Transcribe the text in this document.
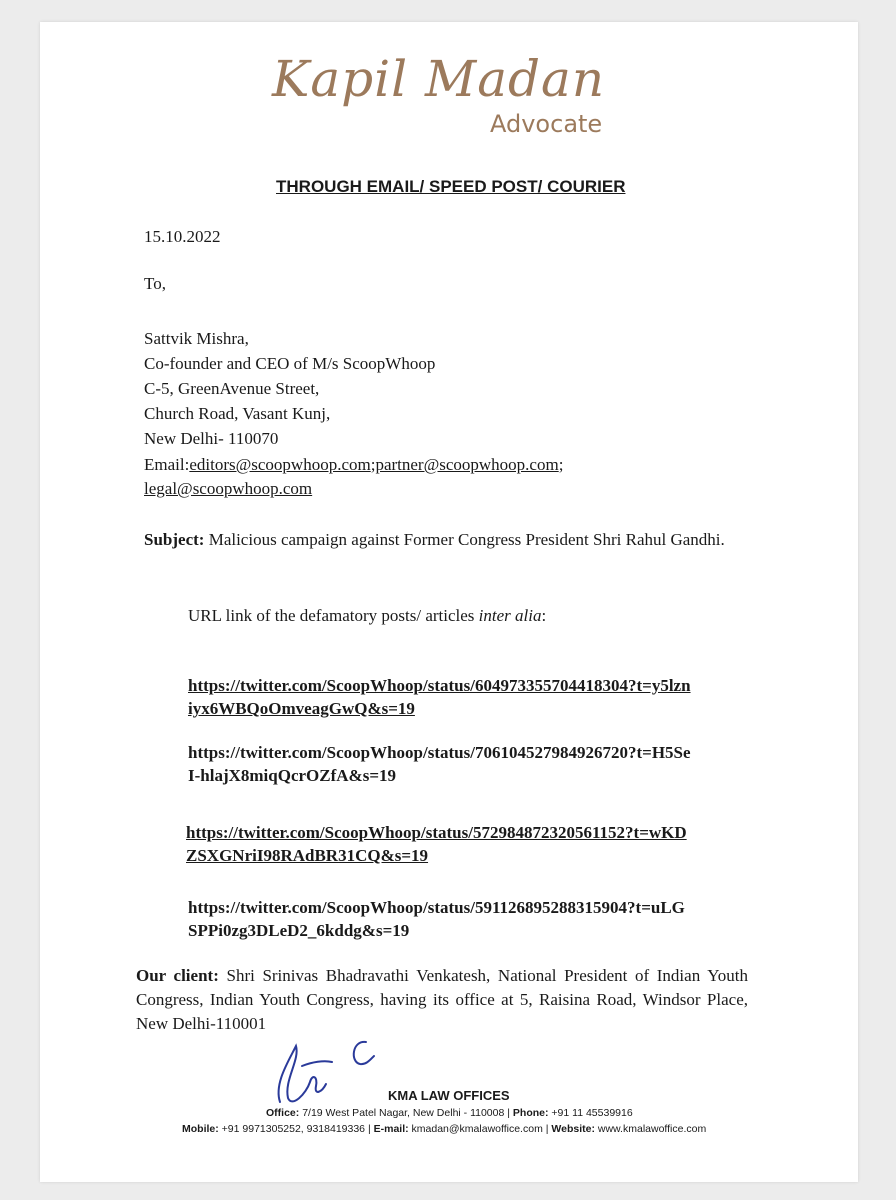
Kapil Madan
Advocate
THROUGH EMAIL/ SPEED POST/ COURIER
15.10.2022
To,
Sattvik Mishra,
Co-founder and CEO of M/s ScoopWhoop
C-5, GreenAvenue Street,
Church Road, Vasant Kunj,
New Delhi- 110070
Email:editors@scoopwhoop.com;partner@scoopwhoop.com;
legal@scoopwhoop.com
Subject: Malicious campaign against Former Congress President Shri Rahul Gandhi.
URL link of the defamatory posts/ articles inter alia:
https://twitter.com/ScoopWhoop/status/604973355704418304?t=y5lzn
iyx6WBQoOmveagGwQ&s=19
https://twitter.com/ScoopWhoop/status/706104527984926720?t=H5Se
I-hlajX8miqQcrOZfA&s=19
https://twitter.com/ScoopWhoop/status/572984872320561152?t=wKD
ZSXGNriI98RAdBR31CQ&s=19
https://twitter.com/ScoopWhoop/status/591126895288315904?t=uLG
SPPi0zg3DLeD2_6kddg&s=19
Our client: Shri Srinivas Bhadravathi Venkatesh, National President of Indian Youth Congress, Indian Youth Congress, having its office at 5, Raisina Road, Windsor Place, New Delhi-110001
KMA LAW OFFICES
Office: 7/19 West Patel Nagar, New Delhi - 110008 | Phone: +91 11 45539916
Mobile: +91 9971305252, 9318419336 | E-mail: kmadan@kmalawoffice.com | Website: www.kmalawoffice.com
